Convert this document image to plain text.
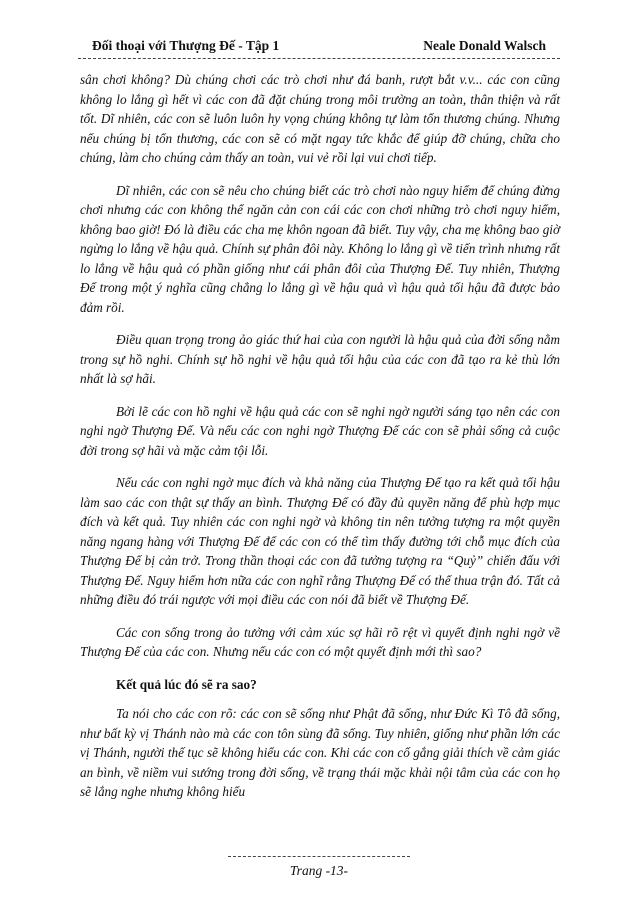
Đối thoại với Thượng Đế - Tập 1	Neale Donald Walsch

sân chơi không? Dù chúng chơi các trò chơi như đá banh, rượt bắt v.v... các con cũng không lo lắng gì hết vì các con đã đặt chúng trong môi trường an toàn, thân thiện và rất tốt. Dĩ nhiên, các con sẽ luôn luôn hy vọng chúng không tự làm tổn thương chúng. Nhưng nếu chúng bị tổn thương, các con sẽ có mặt ngay tức khắc để giúp đỡ chúng, chữa cho chúng, làm cho chúng cảm thấy an toàn, vui vẻ rồi lại vui chơi tiếp.

Dĩ nhiên, các con sẽ nêu cho chúng biết các trò chơi nào nguy hiểm để chúng đừng chơi nhưng các con không thể ngăn cản con cái các con chơi những trò chơi nguy hiểm, không bao giờ! Đó là điều các cha mẹ khôn ngoan đã biết. Tuy vậy, cha mẹ không bao giờ ngừng lo lắng về hậu quả. Chính sự phân đôi này. Không lo lắng gì về tiến trình nhưng rất lo lắng về hậu quả có phần giống như cái phân đôi của Thượng Đế. Tuy nhiên, Thượng Đế trong một ý nghĩa cũng chẳng lo lắng gì về hậu quả vì hậu quả tối hậu đã được bảo đảm rồi.

Điều quan trọng trong ảo giác thứ hai của con người là hậu quả của đời sống nằm trong sự hồ nghi. Chính sự hồ nghi về hậu quả tối hậu của các con đã tạo ra kẻ thù lớn nhất là sợ hãi.

Bởi lẽ các con hồ nghi về hậu quả các con sẽ nghi ngờ người sáng tạo nên các con nghi ngờ Thượng Đế. Và nếu các con nghi ngờ Thượng Đế các con sẽ phải sống cả cuộc đời trong sợ hãi và mặc cảm tội lỗi.

Nếu các con nghi ngờ mục đích và khả năng của Thượng Đế tạo ra kết quả tối hậu làm sao các con thật sự thấy an bình. Thượng Đế có đầy đủ quyền năng để phù hợp mục đích và kết quả. Tuy nhiên các con nghi ngờ và không tin nên tưởng tượng ra một quyền năng ngang hàng với Thượng Đế để các con có thể tìm thấy đường tới chỗ mục đích của Thượng Đế bị cản trở. Trong thần thoại các con đã tưởng tượng ra “Quỷ” chiến đấu với Thượng Đế. Nguy hiểm hơn nữa các con nghĩ rằng Thượng Đế có thể thua trận đó. Tất cả những điều đó trái ngược với mọi điều các con nói đã biết về Thượng Đế.

Các con sống trong ảo tưởng với cảm xúc sợ hãi rõ rệt vì quyết định nghi ngờ về Thượng Đế của các con. Nhưng nếu các con có một quyết định mới thì sao?

Kết quả lúc đó sẽ ra sao?

Ta nói cho các con rõ: các con sẽ sống như Phật đã sống, như Đức Kì Tô đã sống, như bất kỳ vị Thánh nào mà các con tôn sùng đã sống. Tuy nhiên, giống như phần lớn các vị Thánh, người thế tục sẽ không hiểu các con. Khi các con cố gắng giải thích về cảm giác an bình, về niềm vui sướng trong đời sống, về trạng thái mặc khải nội tâm của các con họ sẽ lắng nghe nhưng không hiểu

Trang -13-
